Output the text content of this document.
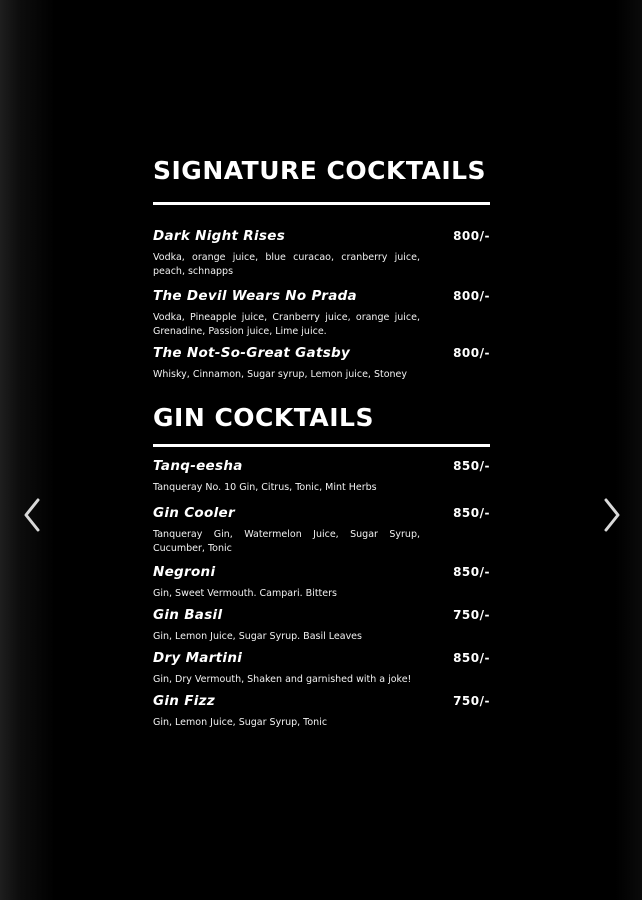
SIGNATURE COCKTAILS
Dark Night Rises	800/-
Vodka, orange juice, blue curacao, cranberry juice, peach, schnapps
The Devil Wears No Prada	800/-
Vodka, Pineapple juice, Cranberry juice, orange juice, Grenadine, Passion juice, Lime juice.
The Not-So-Great Gatsby	800/-
Whisky, Cinnamon, Sugar syrup, Lemon juice, Stoney
GIN COCKTAILS
Tanq-eesha	850/-
Tanqueray No. 10 Gin, Citrus, Tonic, Mint Herbs
Gin Cooler	850/-
Tanqueray Gin, Watermelon Juice, Sugar Syrup, Cucumber, Tonic
Negroni	850/-
Gin, Sweet Vermouth. Campari. Bitters
Gin Basil	750/-
Gin, Lemon Juice, Sugar Syrup. Basil Leaves
Dry Martini	850/-
Gin, Dry Vermouth, Shaken and garnished with a joke!
Gin Fizz	750/-
Gin, Lemon Juice, Sugar Syrup, Tonic
